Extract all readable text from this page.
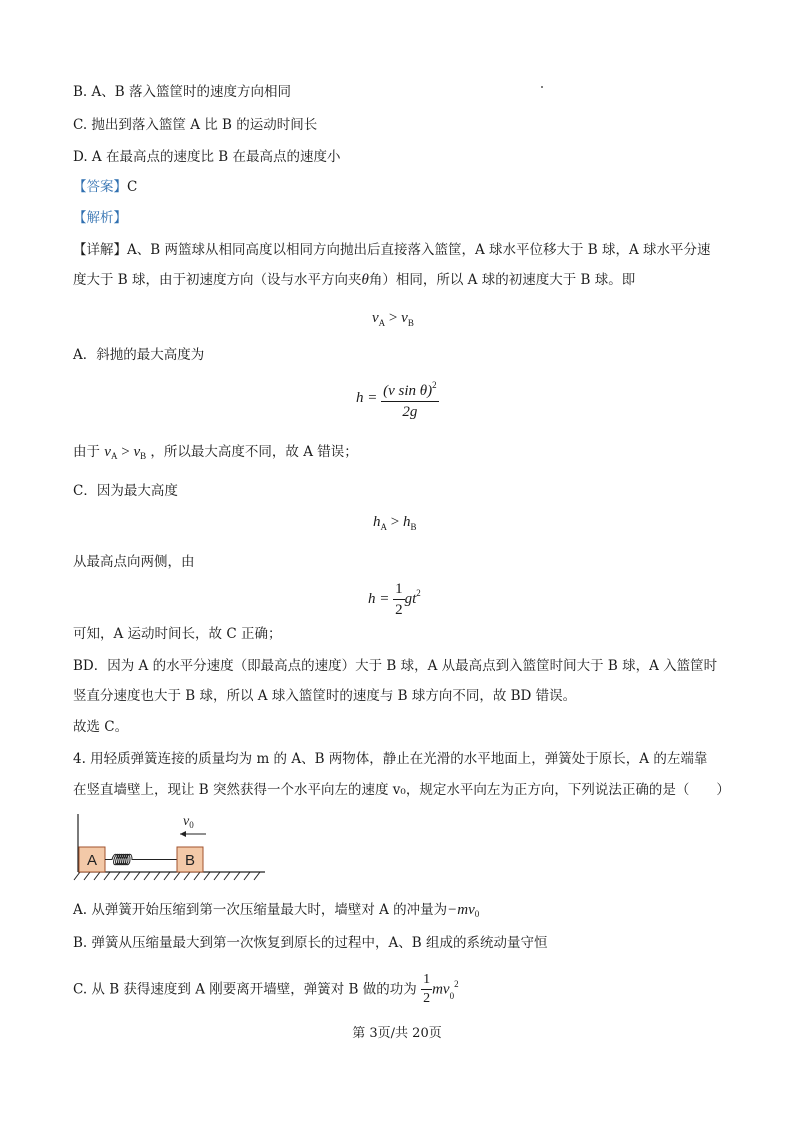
B. A、B 落入篮筐时的速度方向相同
C. 抛出到落入篮筐 A 比 B 的运动时间长
D. A 在最高点的速度比 B 在最高点的速度小
【答案】C
【解析】
【详解】A、B 两篮球从相同高度以相同方向抛出后直接落入篮筐，A 球水平位移大于 B 球，A 球水平分速
度大于 B 球，由于初速度方向（设与水平方向夹θ角）相同，所以 A 球的初速度大于 B 球。即
$v_A > v_B$
A．斜抛的最大高度为
$h = \frac{(v \sin \theta)^2}{2g}$
由于 $v_A > v_B$ ，所以最大高度不同，故 A 错误；
C．因为最大高度
$h_A > h_B$
从最高点向两侧，由
$h = \frac{1}{2} gt^2$
可知，A 运动时间长，故 C 正确；
BD．因为 A 的水平分速度（即最高点的速度）大于 B 球，A 从最高点到入篮筐时间大于 B 球，A 入篮筐时
竖直分速度也大于 B 球，所以 A 球入篮筐时的速度与 B 球方向不同，故 BD 错误。
故选 C。
4. 用轻质弹簧连接的质量均为 m 的 A、B 两物体，静止在光滑的水平地面上，弹簧处于原长，A 的左端靠
在竖直墙壁上，现让 B 突然获得一个水平向左的速度 v₀，规定水平向左为正方向，下列说法正确的是（　　）
A	B
$v_0$
A. 从弹簧开始压缩到第一次压缩量最大时，墙壁对 A 的冲量为$-mv_0$
B. 弹簧从压缩量最大到第一次恢复到原长的过程中，A、B 组成的系统动量守恒
C. 从 B 获得速度到 A 刚要离开墙壁，弹簧对 B 做的功为 $\frac{1}{2} mv_0^2$
第 3页/共 20页
